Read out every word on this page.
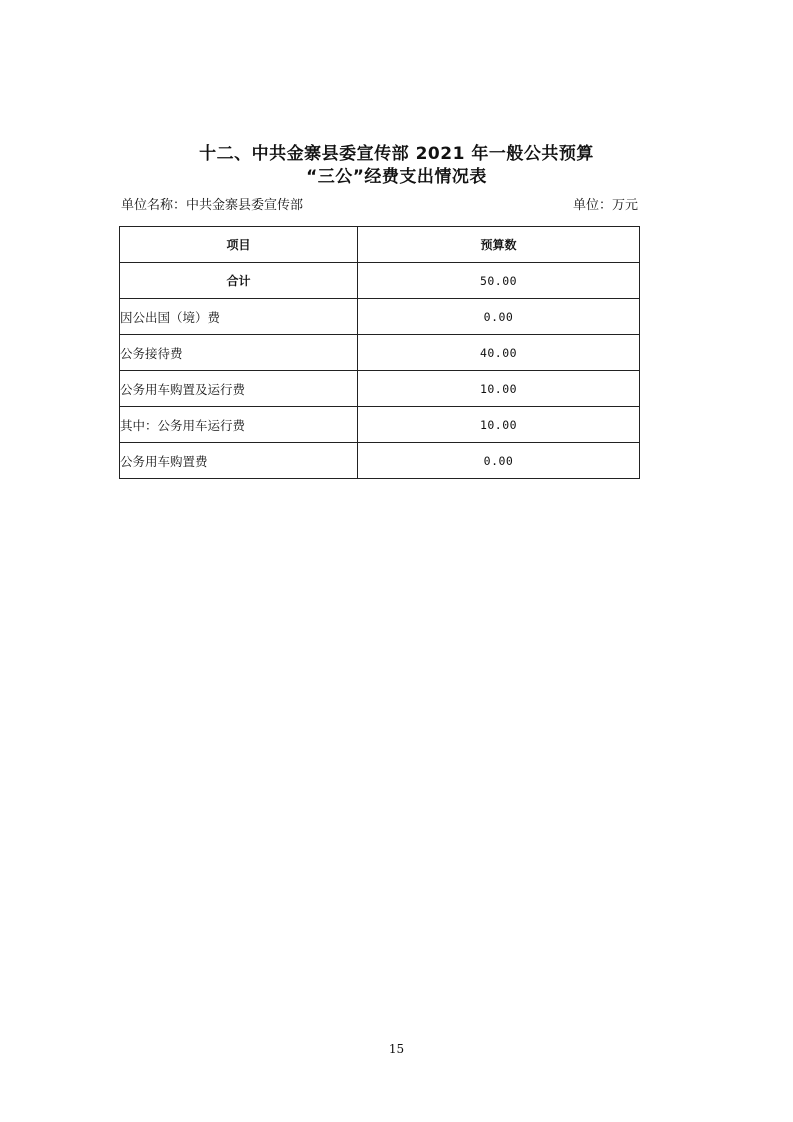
十二、中共金寨县委宣传部 2021 年一般公共预算
“三公”经费支出情况表
单位名称：中共金寨县委宣传部	单位：万元
项目	预算数
合计	50.00
因公出国（境）费	0.00
公务接待费	40.00
公务用车购置及运行费	10.00
其中：公务用车运行费	10.00
公务用车购置费	0.00
15
